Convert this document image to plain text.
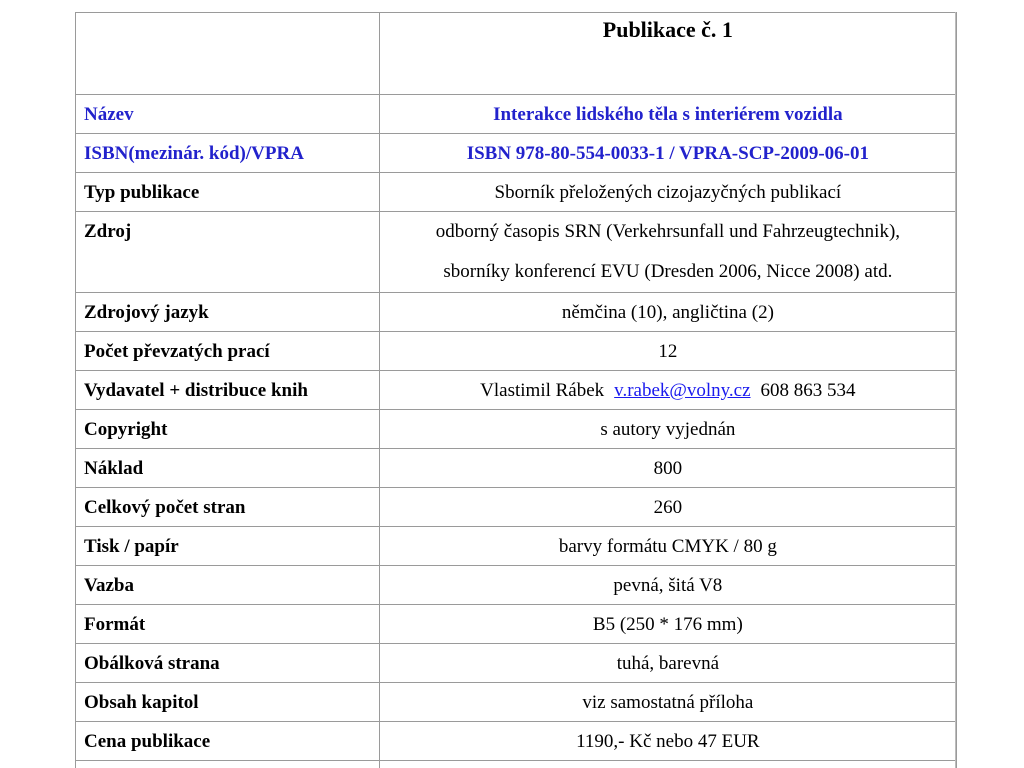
	Publikace č. 1
Název	Interakce lidského těla s interiérem vozidla
ISBN(mezinár. kód)/VPRA	ISBN 978-80-554-0033-1 / VPRA-SCP-2009-06-01
Typ publikace	Sborník přeložených cizojazyčných publikací
Zdroj	odborný časopis SRN (Verkehrsunfall und Fahrzeugtechnik),
sborníky konferencí EVU (Dresden 2006, Nicce 2008) atd.

Zdrojový jazyk	němčina (10), angličtina (2)
Počet převzatých prací	12
Vydavatel + distribuce knih	Vlastimil Rábek v.rabek@volny.cz 608 863 534
Copyright	s autory vyjednán
Náklad	800
Celkový počet stran	260
Tisk / papír	barvy formátu CMYK / 80 g
Vazba	pevná, šitá V8
Formát	B5 (250 * 176 mm)
Obálková strana	tuhá, barevná
Obsah kapitol	viz samostatná příloha
Cena publikace	1190,- Kč nebo 47 EUR
